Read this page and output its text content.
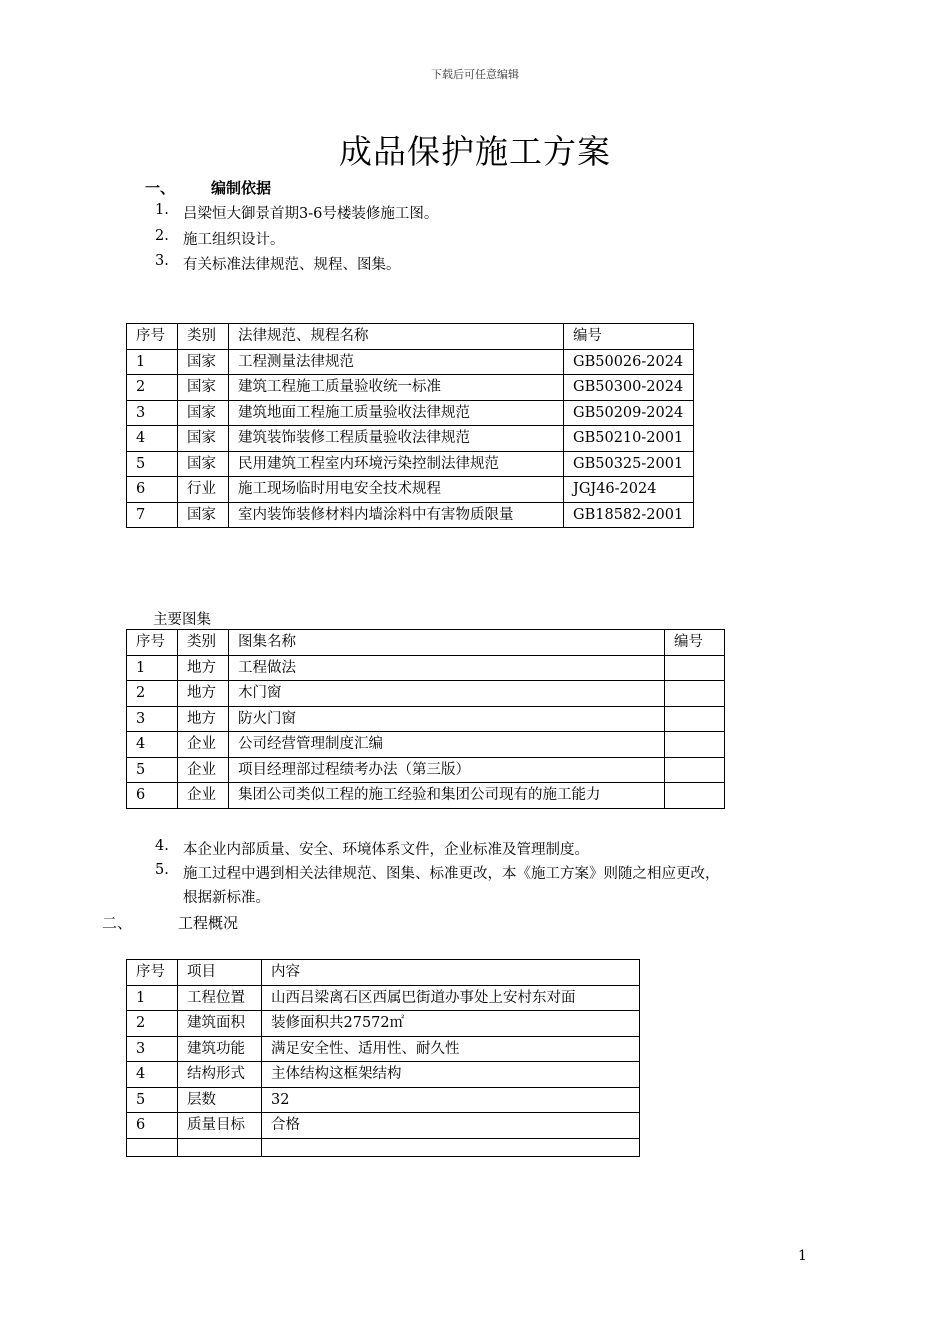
下载后可任意编辑
成品保护施工方案
一、 编制依据
1. 吕梁恒大御景首期3-6号楼装修施工图。
2. 施工组织设计。
3. 有关标准法律规范、规程、图集。
序号	类别	法律规范、规程名称	编号
1	国家	工程测量法律规范	GB50026-2024
2	国家	建筑工程施工质量验收统一标准	GB50300-2024
3	国家	建筑地面工程施工质量验收法律规范	GB50209-2024
4	国家	建筑装饰装修工程质量验收法律规范	GB50210-2001
5	国家	民用建筑工程室内环境污染控制法律规范	GB50325-2001
6	行业	施工现场临时用电安全技术规程	JGJ46-2024
7	国家	室内装饰装修材料内墙涂料中有害物质限量	GB18582-2001
主要图集
序号	类别	图集名称	编号
1	地方	工程做法	
2	地方	木门窗	
3	地方	防火门窗	
4	企业	公司经营管理制度汇编	
5	企业	项目经理部过程绩考办法（第三版）	
6	企业	集团公司类似工程的施工经验和集团公司现有的施工能力	
4. 本企业内部质量、安全、环境体系文件，企业标准及管理制度。
5. 施工过程中遇到相关法律规范、图集、标准更改，本《施工方案》则随之相应更改，
根据新标准。
二、	工程概况
序号	项目	内容
1	工程位置	山西吕梁离石区西属巴街道办事处上安村东对面
2	建筑面积	装修面积共27572㎡
3	建筑功能	满足安全性、适用性、耐久性
4	结构形式	主体结构这框架结构
5	层数	32
6	质量目标	合格

1
